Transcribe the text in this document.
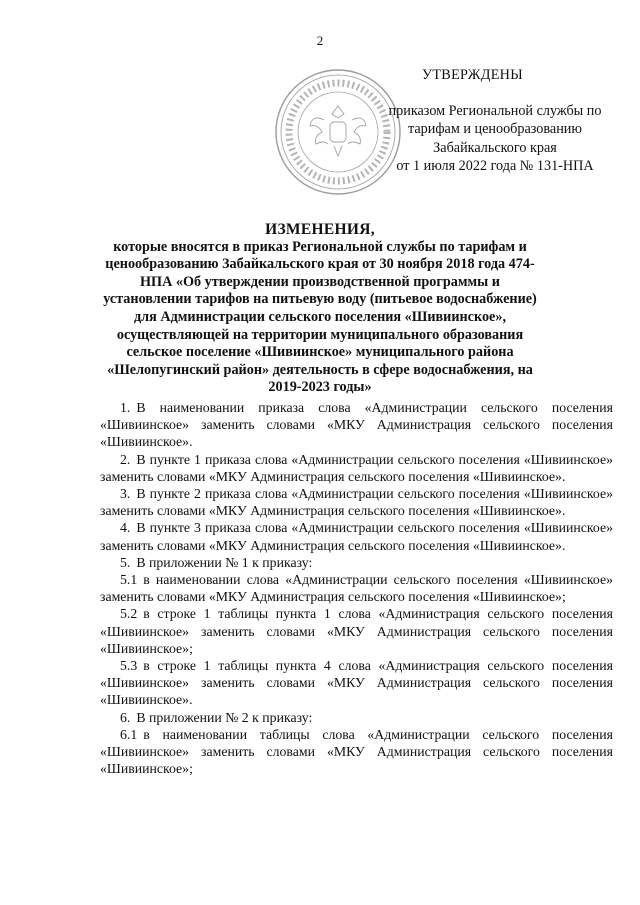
2
УТВЕРЖДЕНЫ
приказом Региональной службы по
тарифам и ценообразованию
Забайкальского края
от 1 июля 2022 года № 131-НПА
ИЗМЕНЕНИЯ,
которые вносятся в приказ Региональной службы по тарифам и ценообразованию Забайкальского края от 30 ноября 2018 года 474-НПА «Об утверждении производственной программы и установлении тарифов на питьевую воду (питьевое водоснабжение) для Администрации сельского поселения «Шивиинское», осуществляющей на территории муниципального образования сельское поселение «Шивиинское» муниципального района «Шелопугинский район» деятельность в сфере водоснабжения, на 2019-2023 годы»

1. В наименовании приказа слова «Администрации сельского поселения «Шивиинское» заменить словами «МКУ Администрация сельского поселения «Шивиинское».

2. В пункте 1 приказа слова «Администрации сельского поселения «Шивиинское» заменить словами «МКУ Администрация сельского поселения «Шивиинское».

3. В пункте 2 приказа слова «Администрации сельского поселения «Шивиинское» заменить словами «МКУ Администрация сельского поселения «Шивиинское».

4. В пункте 3 приказа слова «Администрации сельского поселения «Шивиинское» заменить словами «МКУ Администрация сельского поселения «Шивиинское».

5. В приложении № 1 к приказу:

5.1 в наименовании слова «Администрации сельского поселения «Шивиинское» заменить словами «МКУ Администрация сельского поселения «Шивиинское»;

5.2 в строке 1 таблицы пункта 1 слова «Администрация сельского поселения «Шивиинское» заменить словами «МКУ Администрация сельского поселения «Шивиинское»;

5.3 в строке 1 таблицы пункта 4 слова «Администрация сельского поселения «Шивиинское» заменить словами «МКУ Администрация сельского поселения «Шивиинское».

6. В приложении № 2 к приказу:

6.1 в наименовании таблицы слова «Администрации сельского поселения «Шивиинское» заменить словами «МКУ Администрация сельского поселения «Шивиинское»;
